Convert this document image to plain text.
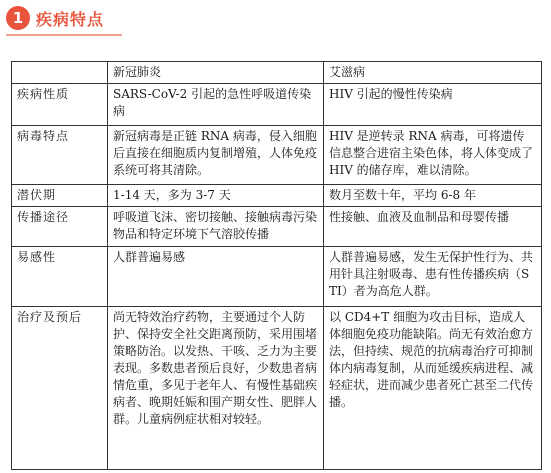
1 疾病特点
	新冠肺炎	艾滋病
疾病性质	SARS-CoV-2 引起的急性呼吸道传染病	HIV 引起的慢性传染病
病毒特点	新冠病毒是正链 RNA 病毒，侵入细胞后直接在细胞质内复制增殖，人体免疫系统可将其清除。	HIV 是逆转录 RNA 病毒，可将遗传信息整合进宿主染色体，将人体变成了 HIV 的储存库，难以清除。
潜伏期	1-14 天，多为 3-7 天	数月至数十年，平均 6-8 年
传播途径	呼吸道飞沫、密切接触、接触病毒污染物品和特定环境下气溶胶传播	性接触、血液及血制品和母婴传播
易感性	人群普遍易感	人群普遍易感，发生无保护性行为、共用针具注射吸毒、患有性传播疾病（STI）者为高危人群。
治疗及预后	尚无特效治疗药物，主要通过个人防护、保持安全社交距离预防，采用围堵策略防治。以发热、干咳、乏力为主要表现。多数患者预后良好，少数患者病情危重，多见于老年人、有慢性基础疾病者、晚期妊娠和围产期女性、肥胖人群。儿童病例症状相对较轻。	以 CD4+T 细胞为攻击目标，造成人体细胞免疫功能缺陷。尚无有效治愈方法，但持续、规范的抗病毒治疗可抑制体内病毒复制，从而延缓疾病进程、减轻症状，进而减少患者死亡甚至二代传播。
